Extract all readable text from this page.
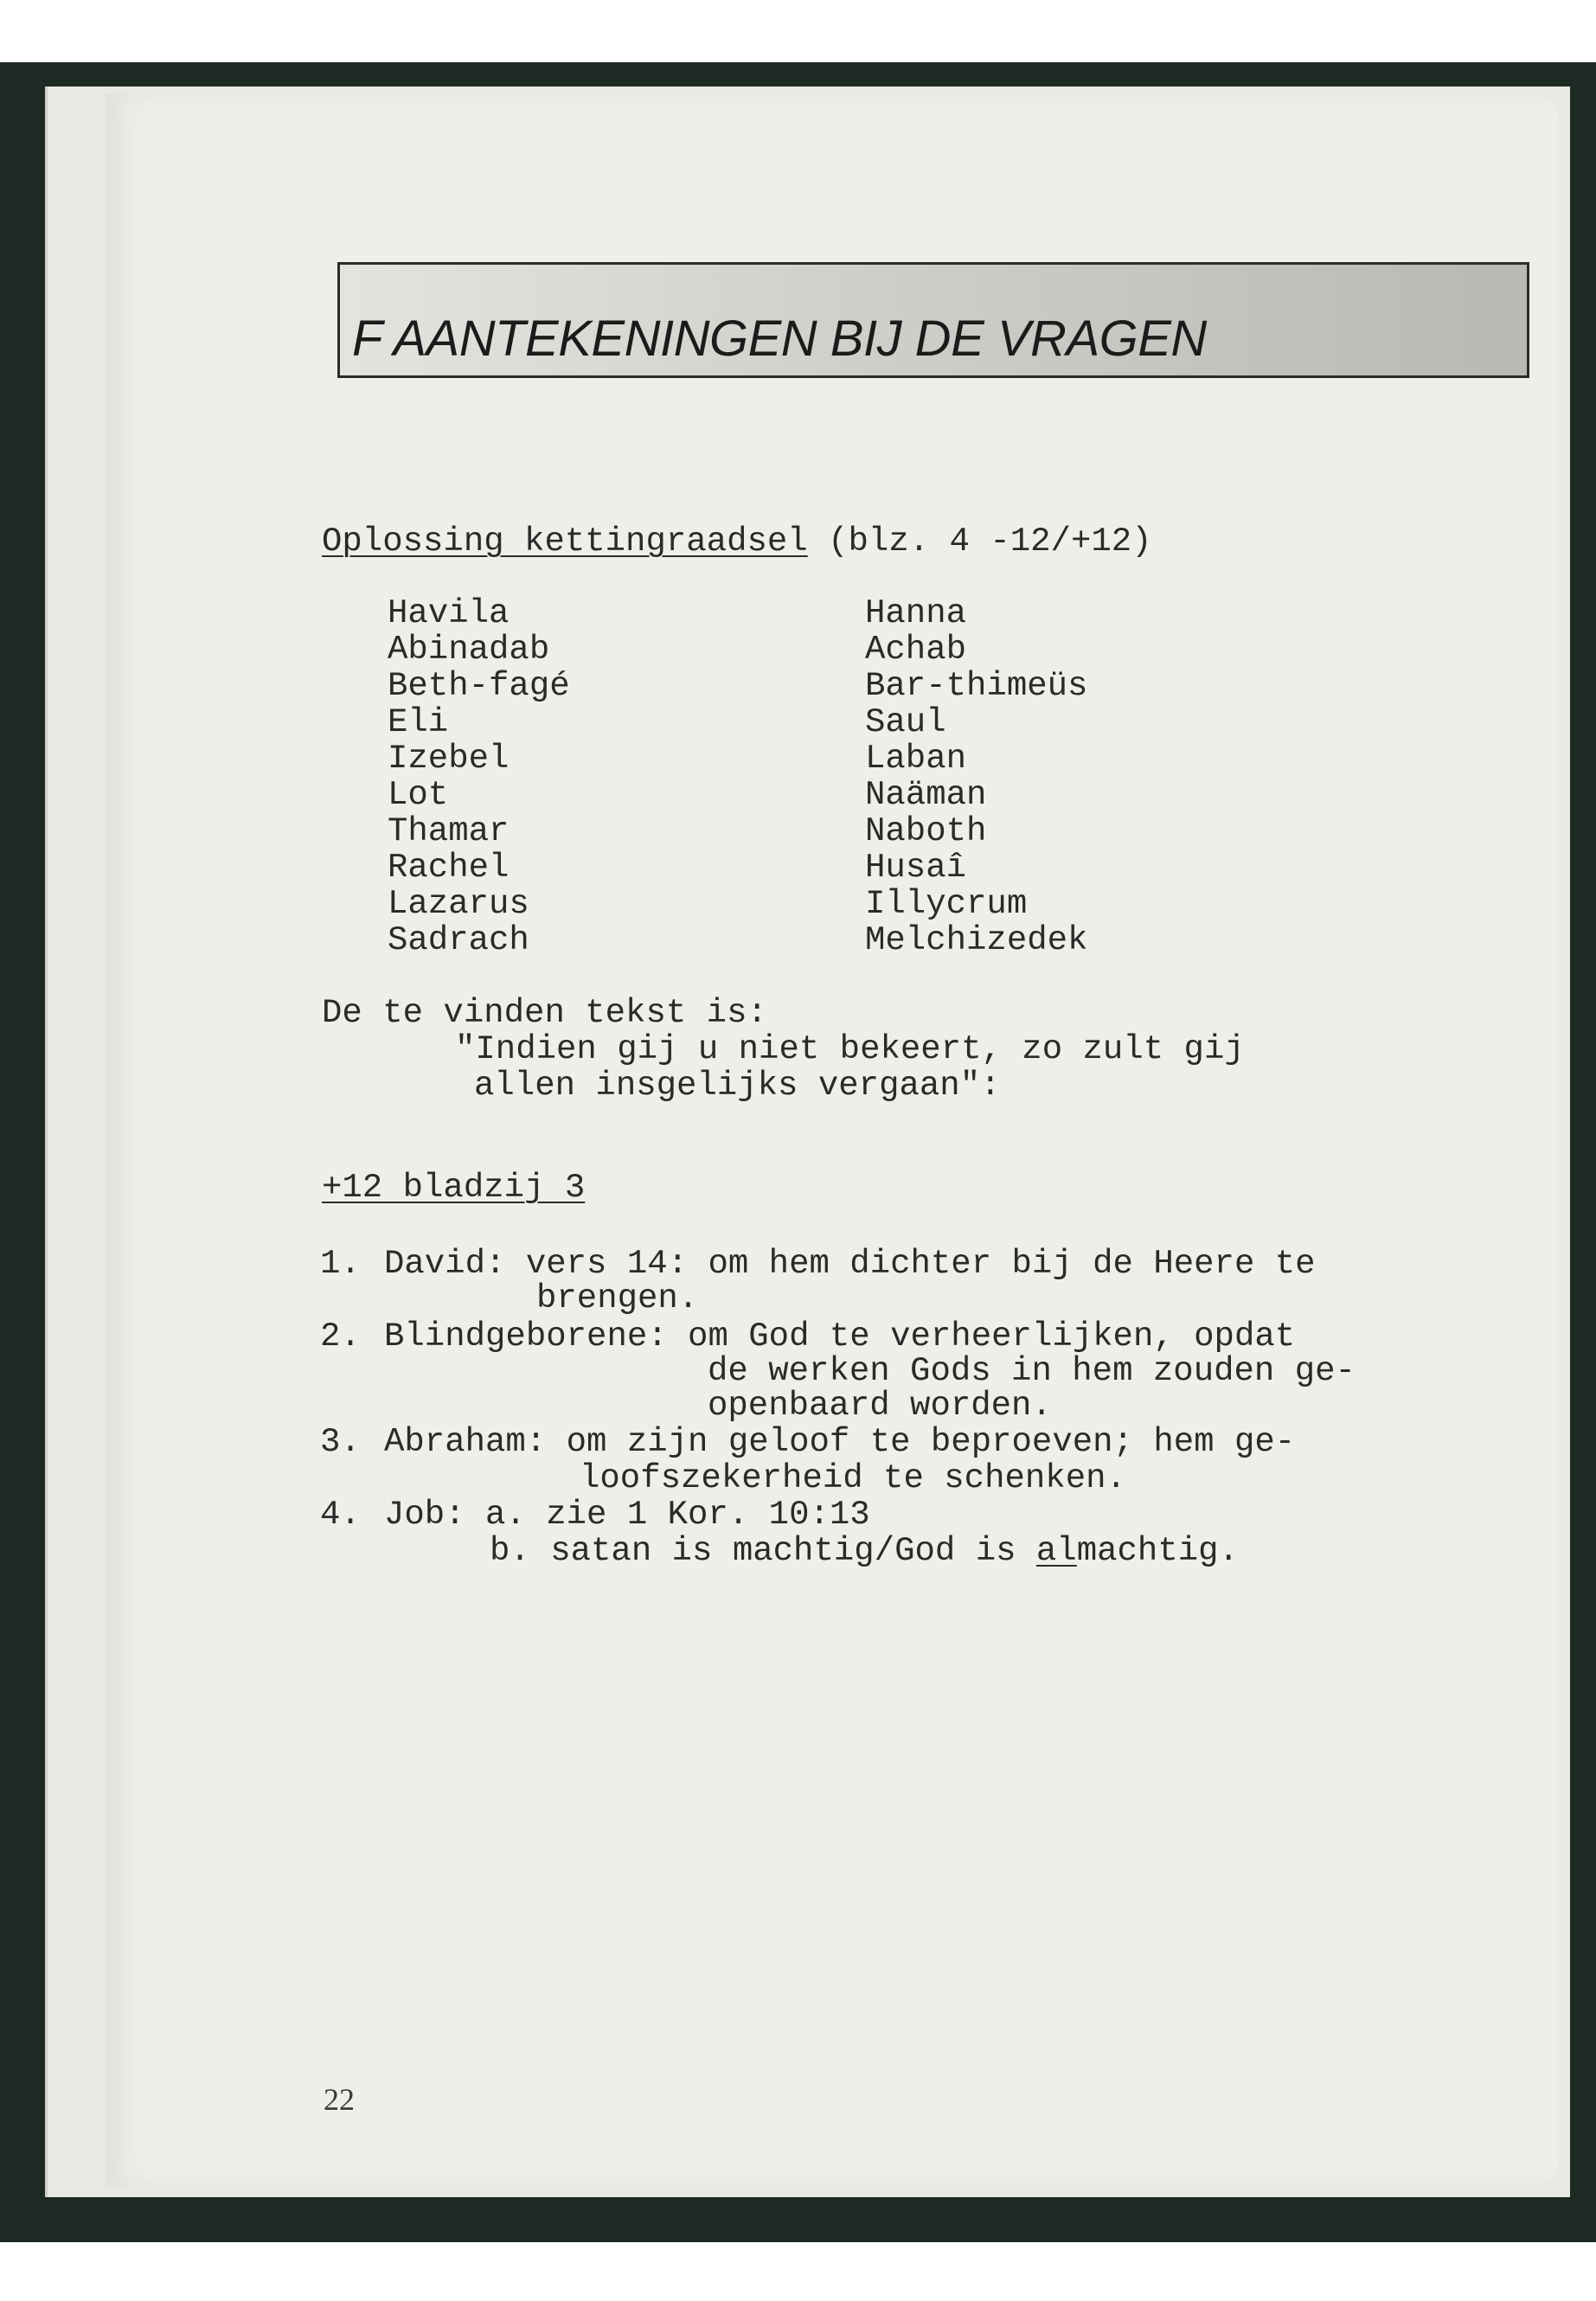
F AANTEKENINGEN BIJ DE VRAGEN
Oplossing kettingraadsel (blz. 4 -12/+12)
Havila
Abinadab
Beth-fagé
Eli
Izebel
Lot
Thamar
Rachel
Lazarus
Sadrach
Hanna
Achab
Bar-thimeüs
Saul
Laban
Naäman
Naboth
Husaî
Illycrum
Melchizedek
De te vinden tekst is:
"Indien gij u niet bekeert, zo zult gij
allen insgelijks vergaan":
+12 bladzij 3
1. David: vers 14: om hem dichter bij de Heere te
brengen.
2. Blindgeborene: om God te verheerlijken, opdat
de werken Gods in hem zouden ge-
openbaard worden.
3. Abraham: om zijn geloof te beproeven; hem ge-
loofszekerheid te schenken.
4. Job: a. zie 1 Kor. 10:13
b. satan is machtig/God is almachtig.
22
